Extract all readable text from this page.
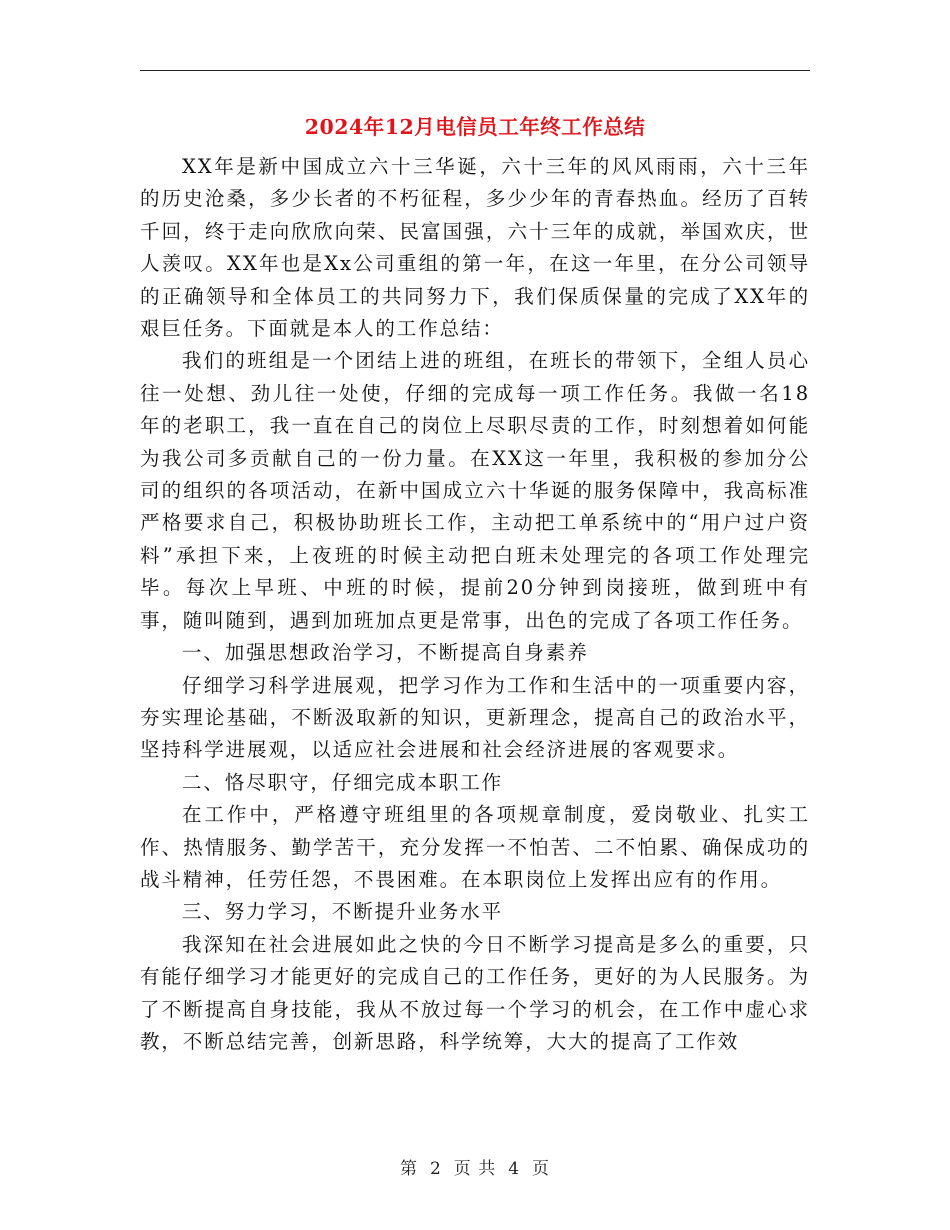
2024年12月电信员工年终工作总结

XX年是新中国成立六十三华诞，六十三年的风风雨雨，六十三年的历史沧桑，多少长者的不朽征程，多少少年的青春热血。经历了百转千回，终于走向欣欣向荣、民富国强，六十三年的成就，举国欢庆，世人羡叹。XX年也是Xx公司重组的第一年，在这一年里，在分公司领导的正确领导和全体员工的共同努力下，我们保质保量的完成了XX年的艰巨任务。下面就是本人的工作总结：

我们的班组是一个团结上进的班组，在班长的带领下，全组人员心往一处想、劲儿往一处使，仔细的完成每一项工作任务。我做一名18年的老职工，我一直在自己的岗位上尽职尽责的工作，时刻想着如何能为我公司多贡献自己的一份力量。在XX这一年里，我积极的参加分公司的组织的各项活动，在新中国成立六十华诞的服务保障中，我高标准严格要求自己，积极协助班长工作，主动把工单系统中的“用户过户资料”承担下来，上夜班的时候主动把白班未处理完的各项工作处理完毕。每次上早班、中班的时候，提前20分钟到岗接班，做到班中有事，随叫随到，遇到加班加点更是常事，出色的完成了各项工作任务。

一、加强思想政治学习，不断提高自身素养

仔细学习科学进展观，把学习作为工作和生活中的一项重要内容，夯实理论基础，不断汲取新的知识，更新理念，提高自己的政治水平，坚持科学进展观，以适应社会进展和社会经济进展的客观要求。

二、恪尽职守，仔细完成本职工作

在工作中，严格遵守班组里的各项规章制度，爱岗敬业、扎实工作、热情服务、勤学苦干，充分发挥一不怕苦、二不怕累、确保成功的战斗精神，任劳任怨，不畏困难。在本职岗位上发挥出应有的作用。

三、努力学习，不断提升业务水平

我深知在社会进展如此之快的今日不断学习提高是多么的重要，只有能仔细学习才能更好的完成自己的工作任务，更好的为人民服务。为了不断提高自身技能，我从不放过每一个学习的机会，在工作中虚心求教，不断总结完善，创新思路，科学统筹，大大的提高了工作效

第 2 页 共 4 页
